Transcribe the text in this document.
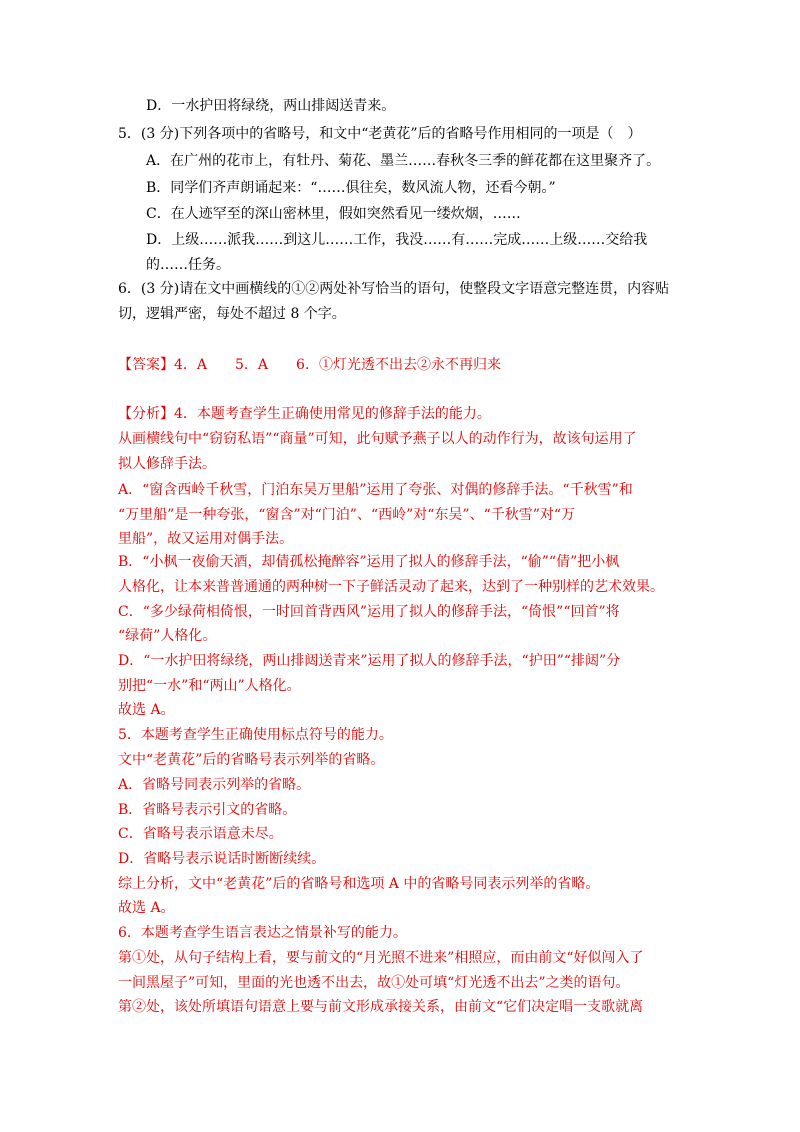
D．一水护田将绿绕，两山排闼送青来。
5．(3 分)下列各项中的省略号，和文中“老黄花”后的省略号作用相同的一项是（　）
A．在广州的花市上，有牡丹、菊花、墨兰……春秋冬三季的鲜花都在这里聚齐了。
B．同学们齐声朗诵起来：“……俱往矣，数风流人物，还看今朝。”
C．在人迹罕至的深山密林里，假如突然看见一缕炊烟，……
D．上级……派我……到这儿……工作，我没……有……完成……上级……交给我
的……任务。
6．(3 分)请在文中画横线的①②两处补写恰当的语句，使整段文字语意完整连贯，内容贴
切，逻辑严密，每处不超过 8 个字。
【答案】4．A　　5．A　　6．①灯光透不出去②永不再归来
【分析】4．本题考查学生正确使用常见的修辞手法的能力。
从画横线句中“窃窃私语”“商量”可知，此句赋予燕子以人的动作行为，故该句运用了
拟人修辞手法。
A．“窗含西岭千秋雪，门泊东吴万里船”运用了夸张、对偶的修辞手法。“千秋雪”和
“万里船”是一种夸张，“窗含”对“门泊”、“西岭”对“东吴”、“千秋雪”对“万
里船”，故又运用对偶手法。
B．“小枫一夜偷天酒，却倩孤松掩醉容”运用了拟人的修辞手法，“偷”“倩”把小枫
人格化，让本来普普通通的两种树一下子鲜活灵动了起来，达到了一种别样的艺术效果。
C．“多少绿荷相倚恨，一时回首背西风”运用了拟人的修辞手法，“倚恨”“回首”将
“绿荷”人格化。
D．“一水护田将绿绕，两山排闼送青来”运用了拟人的修辞手法，“护田”“排闼”分
别把“一水”和“两山”人格化。
故选 A。
5．本题考查学生正确使用标点符号的能力。
文中“老黄花”后的省略号表示列举的省略。
A．省略号同表示列举的省略。
B．省略号表示引文的省略。
C．省略号表示语意未尽。
D．省略号表示说话时断断续续。
综上分析，文中“老黄花”后的省略号和选项 A 中的省略号同表示列举的省略。
故选 A。
6．本题考查学生语言表达之情景补写的能力。
第①处，从句子结构上看，要与前文的“月光照不进来”相照应，而由前文“好似闯入了
一间黑屋子”可知，里面的光也透不出去，故①处可填“灯光透不出去”之类的语句。
第②处，该处所填语句语意上要与前文形成承接关系，由前文“它们决定唱一支歌就离
